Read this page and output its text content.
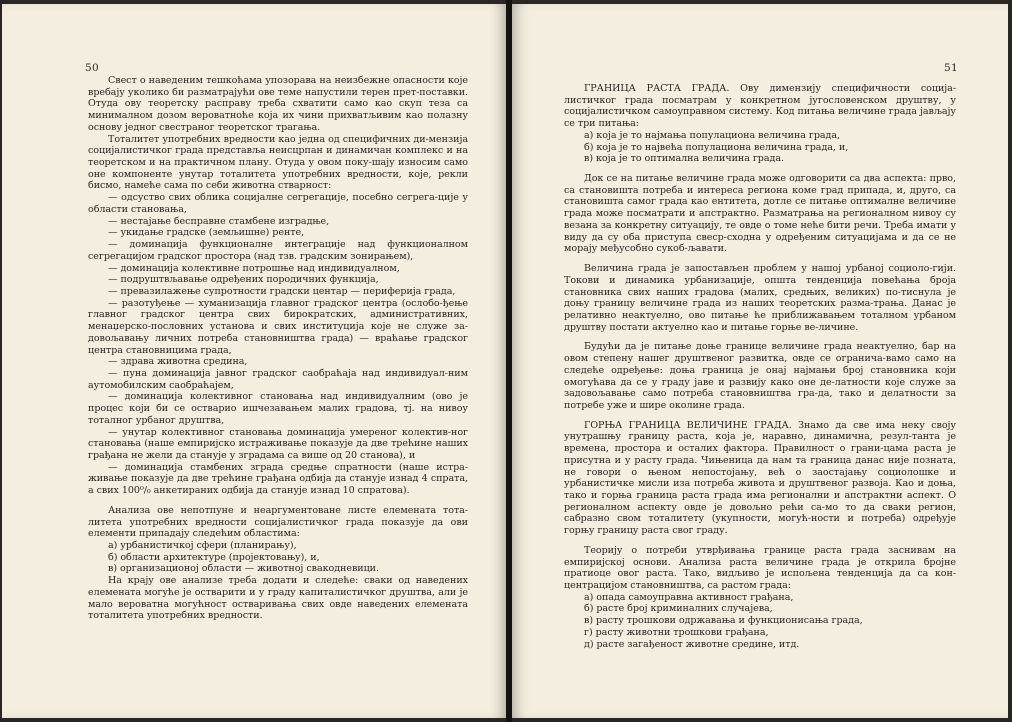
50

Свест о наведеним тешкоћама упозорава на неизбежне опасности које вребају уколико би разматрајући ове теме напустили терен прет-поставки. Отуда ову теоретску расправу треба схватити само као скуп теза са минималном дозом вероватноће која их чини прихватљивим као полазну основу једног свестраног теоретског трагања.

Тоталитет употребних вредности као једна од специфичних ди-мензија социјалистичког града представља неисцрпан и динамичан комплекс и на теоретском и на практичном плану. Отуда у овом поку-шају износим само оне компоненте унутар тоталитета употребних вредности, које, рекли бисмо, намеће сама по себи животна стварност:

— одсуство свих облика социјалне сегрегације, посебно сегрега-ције у области становања,

— нестајање бесправне стамбене изградње,

— укидање градске (земљишне) ренте,

— доминација функционалне интеграције над функционалном сегрегацијом градског простора (над тзв. градским зонирањем),

— доминација колективне потрошње над индивидуалном,

— подруштвљавање одређених породичних функција,

— превазилажење супротности градски центар — периферија града,

— разотуђење — хуманизација главног градског центра (ослобо-ђење главног градског центра свих бирократских, административних, менаџерско-пословних установа и свих институција које не служе за-довољавању личних потреба становништва града) — враћање градског центра становницима града,

— здрава животна средина,

— пуна доминација јавног градског саобраћаја над индивидуал-ним аутомобилским саобраћајем,

— доминација колективног становања над индивидуалним (ово је процес који би се остварио ишчезавањем малих градова, тј. на нивоу тоталног урбаног друштва,

— унутар колективног становања доминација умереног колектив-ног становања (наше емпиријско истраживање показује да две трећине наших грађана не жели да станује у зградама са више од 20 станова), и

— доминација стамбених зграда средње спратности (наше истра-живање показује да две трећине грађана одбија да станује изнад 4 спрата, а свих 100⁰/₀ анкетираних одбија да станује изнад 10 спратова).

Анализа ове непотпуне и неаргументоване листе елемената тота-литета употребних вредности социјалистичког града показује да ови елементи припадају следећим областима:

а) урбанистичкој сфери (планирању),

б) области архитектуре (пројектовању), и,

в) организационој области — животној свакодневици.

На крају ове анализе треба додати и следеће: сваки од наведених елемената могуће је остварити и у граду капиталистичког друштва, али је мало вероватна могућност остваривања свих овде наведених елемената тоталитета употребних вредности.

51

ГРАНИЦА РАСТА ГРАДА. Ову димензију специфичности соција-листичког града посматрам у конкретном југословенском друштву, у социјалистичком самоуправном систему. Код питања величине града јављају се три питања:

а) која је то најмања популациона величина града,

б) која је то највећа популациона величина града, и,

в) која је то оптимална величина града.

Док се на питање величине града може одговорити са два аспекта: прво, са становишта потреба и интереса региона коме град припада, и, друго, са становишта самог града као ентитета, дотле се питање оптималне величине града може посматрати и апстрактно. Разматрања на регионалном нивоу су везана за конкретну ситуацију, те овде о томе неће бити речи. Треба имати у виду да су оба приступа свеср-сходна у одређеним ситуацијама и да се не морају међусобно сукоб-љавати.

Величина града је запостављен проблем у нашој урбаној социоло-гији. Токови и динамика урбанизације, општа тенденција повећања броја становника свих наших градова (малих, средњих, великих) по-тиснула је доњу границу величине града из наших теоретских разма-трања. Данас је релативно неактуелно, ово питање ће приближавањем тоталном урбаном друштву постати актуелно као и питање горње ве-личине.

Будући да је питање доње границе величине града неактуелно, бар на овом степену нашег друштвеног развитка, овде се ограничa-вамо само на следеће одређење: доња граница је онај најмањи број становника који омогућава да се у граду јаве и развију како оне де-латности које служе за задовољавање само потреба становништва гра-да, тако и делатности за потребе уже и шире околине града.

ГОРЊА ГРАНИЦА ВЕЛИЧИНЕ ГРАДА. Знамо да све има неку своју унутрашњу границу раста, која је, наравно, динамична, резул-танта је времена, простора и осталих фактора. Правилност о грани-цама раста је присутна и у расту града. Чињеница да нам та граница данас није позната, не говори о њеном непостојању, већ о заостајању социолошке и урбанистичке мисли иза потреба живота и друштвеног развоја. Као и доња, тако и горња граница раста града има регионални и апстрактни аспект. О регионалном аспекту овде је довољно рећи са-мо то да сваки регион, сабразно свом тоталитету (укупности, могућ-ности и потреба) одређује горњу границу раста свог граду.

Теорију о потреби утврђивања границе раста града заснивам на емпиријској основи. Анализа раста величине града је открила бројне пратиоце овог раста. Тако, видљиво је испољена тенденција да са кон-центрацијом становништва, са растом града:

а) опада самоуправна активност грађана,

б) расте број криминалних случајева,

в) расту трошкови одржавања и функционисања града,

г) расту животни трошкови грађана,

д) расте загађеност животне средине, итд.
